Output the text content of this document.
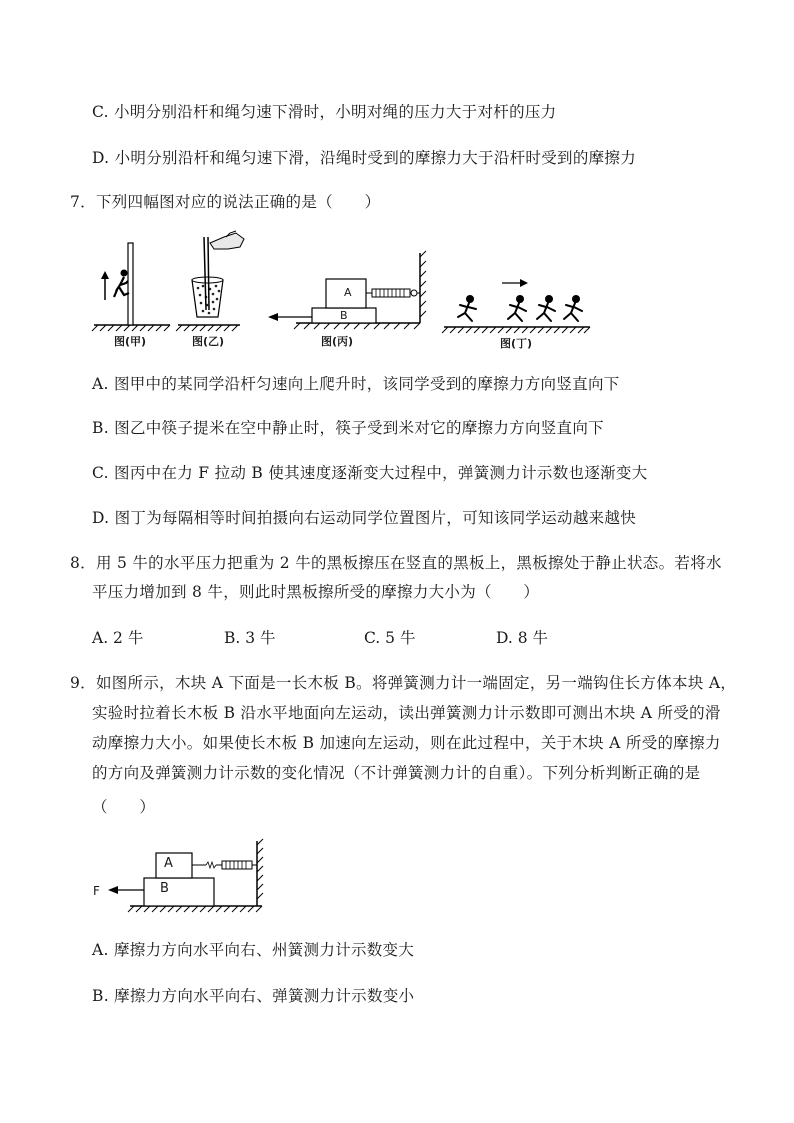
C. 小明分别沿杆和绳匀速下滑时，小明对绳的压力大于对杆的压力
D. 小明分别沿杆和绳匀速下滑，沿绳时受到的摩擦力大于沿杆时受到的摩擦力
7．下列四幅图对应的说法正确的是（　　）
A
B
图(甲)	图(乙)	图(丙)	图(丁)
A. 图甲中的某同学沿杆匀速向上爬升时，该同学受到的摩擦力方向竖直向下
B. 图乙中筷子提米在空中静止时，筷子受到米对它的摩擦力方向竖直向下
C. 图丙中在力 F 拉动 B 使其速度逐渐变大过程中，弹簧测力计示数也逐渐变大
D. 图丁为每隔相等时间拍摄向右运动同学位置图片，可知该同学运动越来越快
8．用 5 牛的水平压力把重为 2 牛的黑板擦压在竖直的黑板上，黑板擦处于静止状态。若将水
平压力增加到 8 牛，则此时黑板擦所受的摩擦力大小为（　　）
A. 2 牛	B. 3 牛	C. 5 牛	D. 8 牛
9．如图所示，木块 A 下面是一长木板 B。将弹簧测力计一端固定，另一端钩住长方体本块 A，
实验时拉着长木板 B 沿水平地面向左运动，读出弹簧测力计示数即可测出木块 A 所受的滑
动摩擦力大小。如果使长木板 B 加速向左运动，则在此过程中，关于木块 A 所受的摩擦力
的方向及弹簧测力计示数的变化情况（不计弹簧测力计的自重）。下列分析判断正确的是
（　　）
A
B
F
A. 摩擦力方向水平向右、州簧测力计示数变大
B. 摩擦力方向水平向右、弹簧测力计示数变小
